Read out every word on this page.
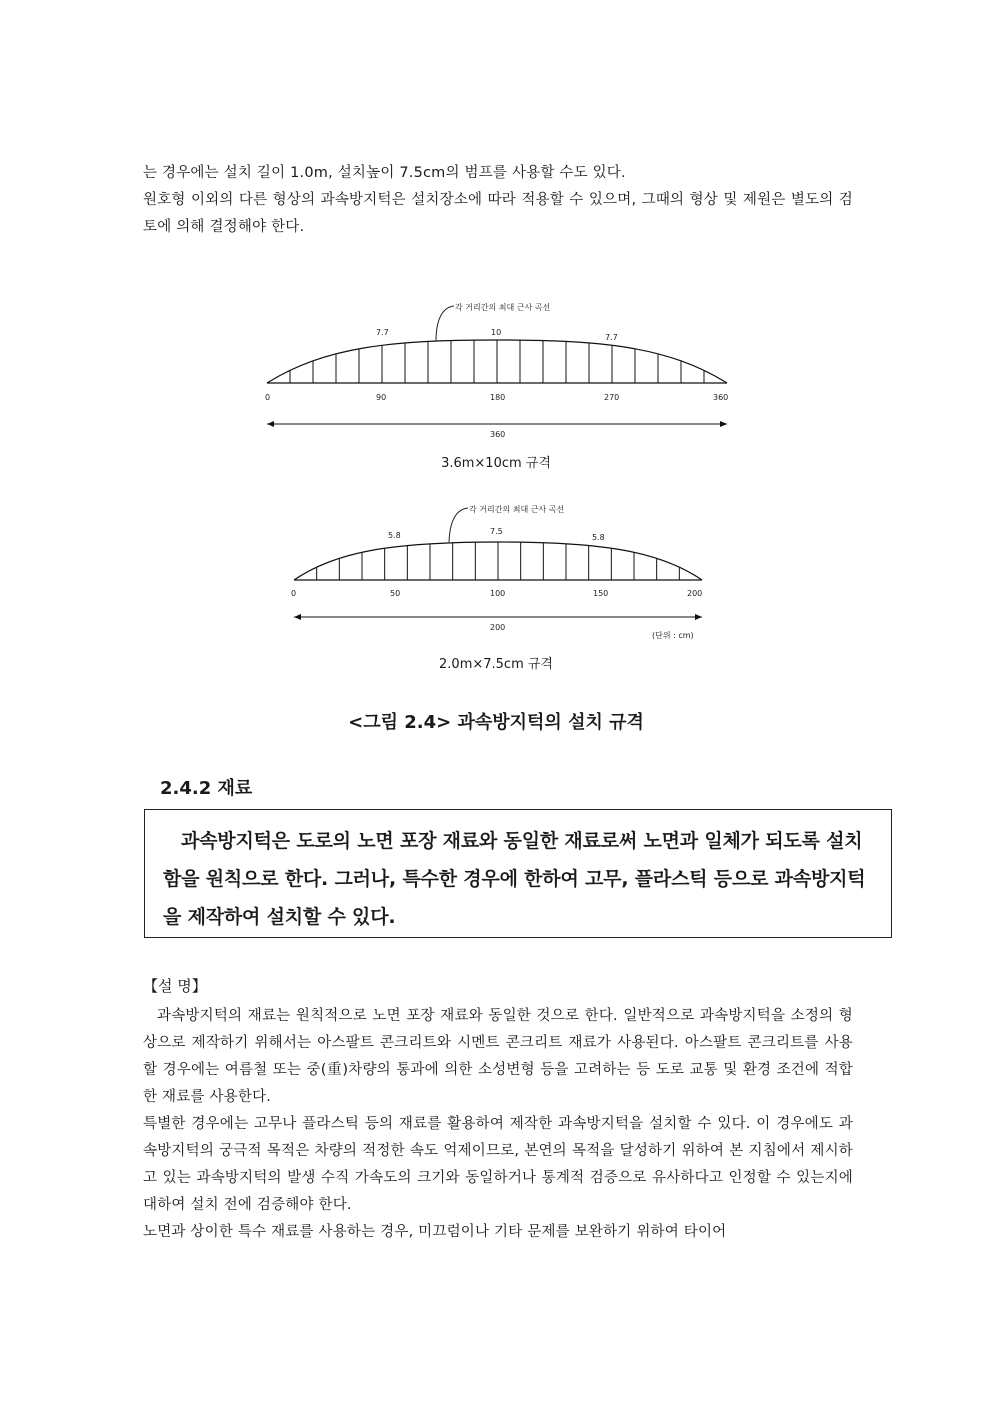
는 경우에는 설치 길이 1.0m, 설치높이 7.5cm의 범프를 사용할 수도 있다.

원호형 이외의 다른 형상의 과속방지턱은 설치장소에 따라 적용할 수 있으며, 그때의 형상 및 제원은 별도의 검토에 의해 결정해야 한다.

각 거리간의 최대 근사 곡선
7.7	10
7.7
0	90	180	270	360
360
3.6m×10cm 규격
각 거리간의 최대 근사 곡선
5.8	7.5
5.8
0	50	100	150	200
200
(단위 : cm)
2.0m×7.5cm 규격
<그림 2.4> 과속방지턱의 설치 규격
2.4.2 재료

과속방지턱은 도로의 노면 포장 재료와 동일한 재료로써 노면과 일체가 되도록 설치함을 원칙으로 한다. 그러나, 특수한 경우에 한하여 고무, 플라스틱 등으로 과속방지턱을 제작하여 설치할 수 있다.

【설 명】

과속방지턱의 재료는 원칙적으로 노면 포장 재료와 동일한 것으로 한다. 일반적으로 과속방지턱을 소정의 형상으로 제작하기 위해서는 아스팔트 콘크리트와 시멘트 콘크리트 재료가 사용된다. 아스팔트 콘크리트를 사용할 경우에는 여름철 또는 중(重)차량의 통과에 의한 소성변형 등을 고려하는 등 도로 교통 및 환경 조건에 적합한 재료를 사용한다.

특별한 경우에는 고무나 플라스틱 등의 재료를 활용하여 제작한 과속방지턱을 설치할 수 있다. 이 경우에도 과속방지턱의 궁극적 목적은 차량의 적정한 속도 억제이므로, 본연의 목적을 달성하기 위하여 본 지침에서 제시하고 있는 과속방지턱의 발생 수직 가속도의 크기와 동일하거나 통계적 검증으로 유사하다고 인정할 수 있는지에 대하여 설치 전에 검증해야 한다.

노면과 상이한 특수 재료를 사용하는 경우, 미끄럼이나 기타 문제를 보완하기 위하여 타이어
